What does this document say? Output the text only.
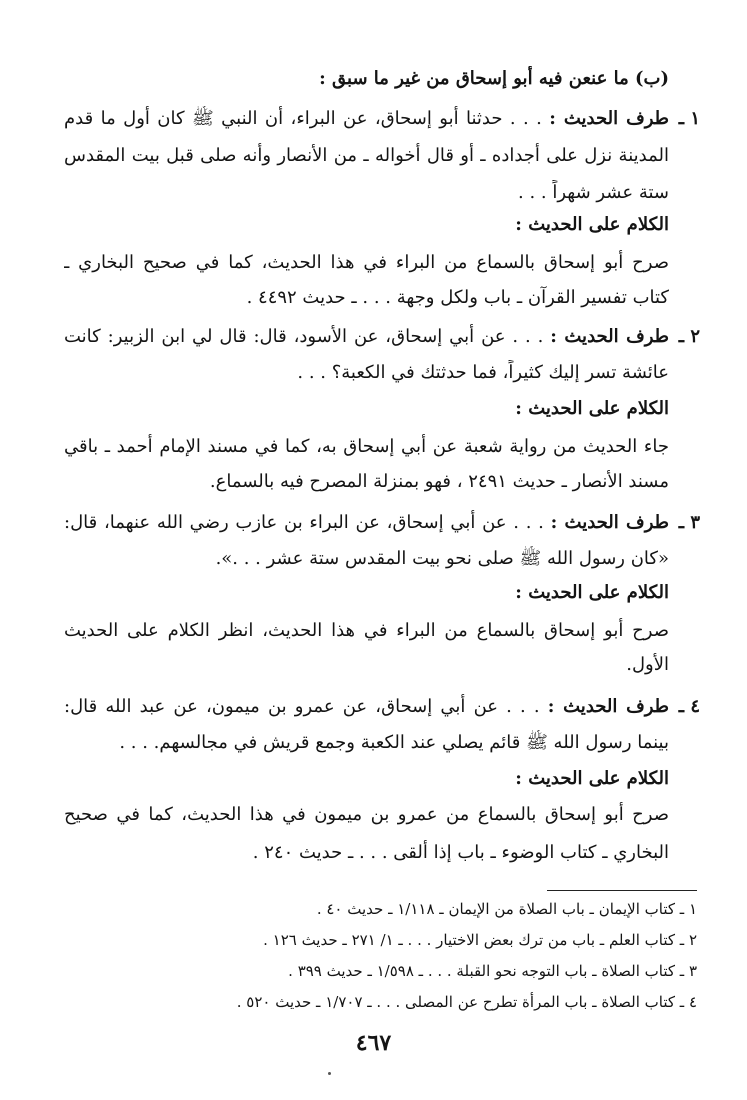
(ب) ما عنعن فيه أبو إسحاق من غير ما سبق :

١ ـ

طرف الحديث : . . . حدثنا أبو إسحاق، عن البراء، أن النبي ﷺ كان أول ما قدم

المدينة نزل على أجداده ـ أو قال أخواله ـ من الأنصار وأنه صلى قبل بيت المقدس

ستة عشر شهراً . . .

الكلام على الحديث :

صرح أبو إسحاق بالسماع من البراء في هذا الحديث، كما في صحيح البخاري ـ

كتاب تفسير القرآن ـ باب ولكل وجهة . . . ـ حديث ٤٤٩٢ .

٢ ـ

طرف الحديث : . . . عن أبي إسحاق، عن الأسود، قال: قال لي ابن الزبير: كانت

عائشة تسر إليك كثيراً، فما حدثتك في الكعبة؟ . . .

الكلام على الحديث :

جاء الحديث من رواية شعبة عن أبي إسحاق به، كما في مسند الإمام أحمد ـ باقي

مسند الأنصار ـ حديث ٢٤٩١ ، فهو بمنزلة المصرح فيه بالسماع.

٣ ـ

طرف الحديث : . . . عن أبي إسحاق، عن البراء بن عازب رضي الله عنهما، قال:

«كان رسول الله ﷺ صلى نحو بيت المقدس ستة عشر . . .».

الكلام على الحديث :

صرح أبو إسحاق بالسماع من البراء في هذا الحديث، انظر الكلام على الحديث

الأول.

٤ ـ

طرف الحديث : . . . عن أبي إسحاق، عن عمرو بن ميمون، عن عبد الله قال:

بينما رسول الله ﷺ قائم يصلي عند الكعبة وجمع قريش في مجالسهم. . . .

الكلام على الحديث :

صرح أبو إسحاق بالسماع من عمرو بن ميمون في هذا الحديث، كما في صحيح

البخاري ـ كتاب الوضوء ـ باب إذا ألقى . . . ـ حديث ٢٤٠ .

١ ـ كتاب الإيمان ـ باب الصلاة من الإيمان ـ ١/١١٨ ـ حديث ٤٠ .

٢ ـ كتاب العلم ـ باب من ترك بعض الاختيار . . . ـ ١/ ٢٧١ ـ حديث ١٢٦ .

٣ ـ كتاب الصلاة ـ باب التوجه نحو القبلة . . . ـ ١/٥٩٨ ـ حديث ٣٩٩ .

٤ ـ كتاب الصلاة ـ باب المرأة تطرح عن المصلى . . . ـ ١/٧٠٧ ـ حديث ٥٢٠ .

٤٦٧
